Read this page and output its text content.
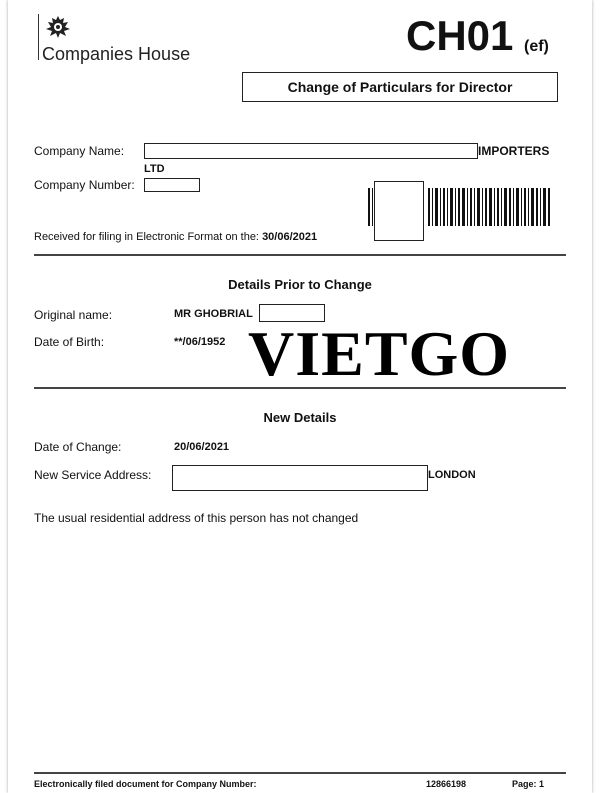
Companies House	CH01 (ef)
Change of Particulars for Director
Company Name:	IMPORTERS
LTD
Company Number:
Received for filing in Electronic Format on the: 30/06/2021
Details Prior to Change
Original name:	MR GHOBRIAL
Date of Birth:	**/06/1952 VIETGO
New Details
Date of Change:	20/06/2021
New Service Address:	LONDON
The usual residential address of this person has not changed
Electronically filed document for Company Number:	12866198	Page: 1
